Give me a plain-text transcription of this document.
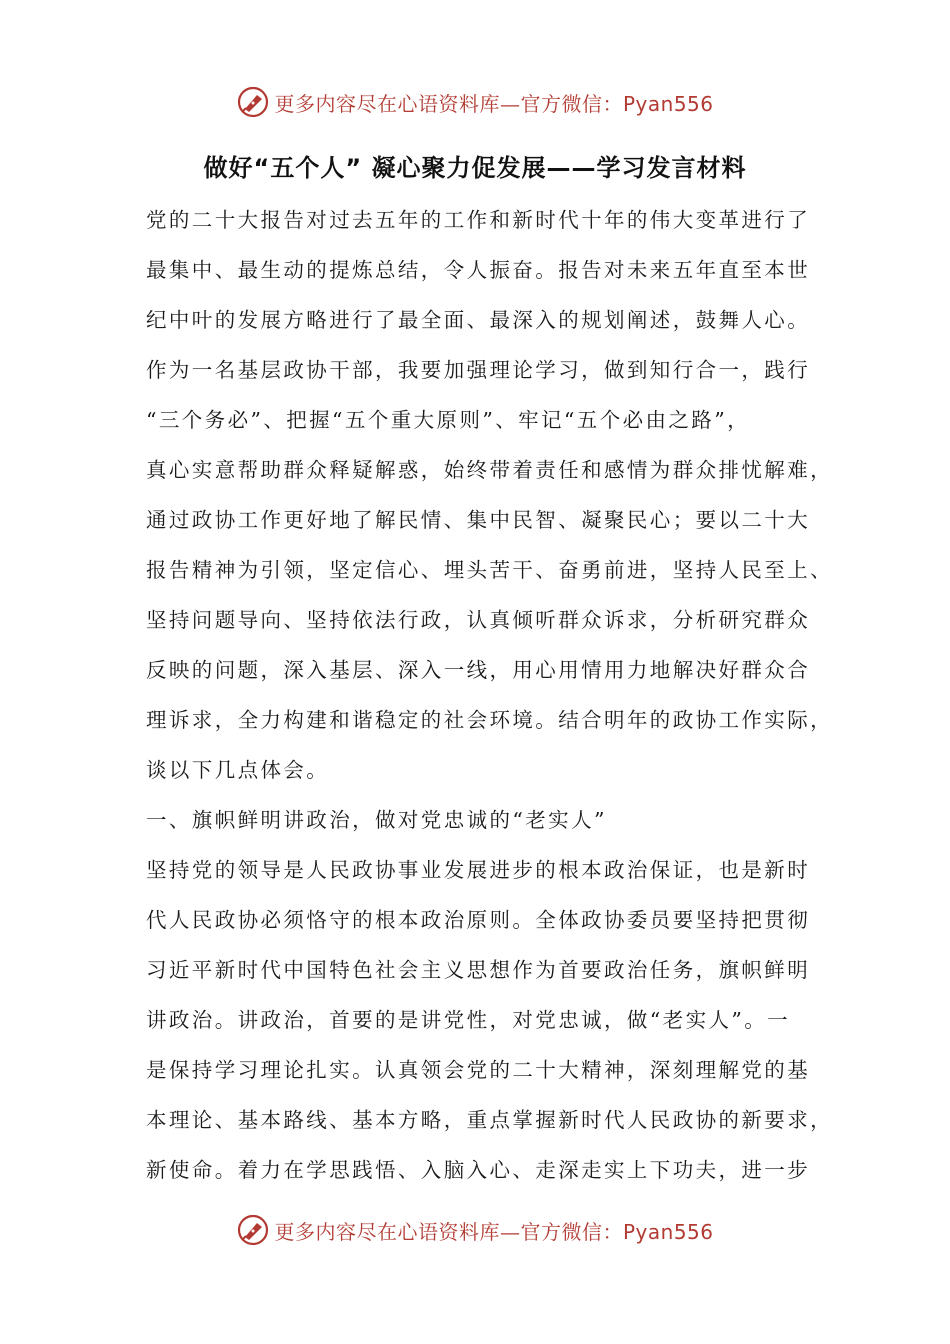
更多内容尽在心语资料库—官方微信：Pyan556
做好“五个人” 凝心聚力促发展——学习发言材料
党的二十大报告对过去五年的工作和新时代十年的伟大变革进行了
最集中、最生动的提炼总结，令人振奋。报告对未来五年直至本世
纪中叶的发展方略进行了最全面、最深入的规划阐述，鼓舞人心。
作为一名基层政协干部，我要加强理论学习，做到知行合一，践行
“三个务必”、把握“五个重大原则”、牢记“五个必由之路”，
真心实意帮助群众释疑解惑，始终带着责任和感情为群众排忧解难，
通过政协工作更好地了解民情、集中民智、凝聚民心；要以二十大
报告精神为引领，坚定信心、埋头苦干、奋勇前进，坚持人民至上、
坚持问题导向、坚持依法行政，认真倾听群众诉求，分析研究群众
反映的问题，深入基层、深入一线，用心用情用力地解决好群众合
理诉求，全力构建和谐稳定的社会环境。结合明年的政协工作实际，
谈以下几点体会。
一、旗帜鲜明讲政治，做对党忠诚的“老实人”
坚持党的领导是人民政协事业发展进步的根本政治保证，也是新时
代人民政协必须恪守的根本政治原则。全体政协委员要坚持把贯彻
习近平新时代中国特色社会主义思想作为首要政治任务，旗帜鲜明
讲政治。讲政治，首要的是讲党性，对党忠诚，做“老实人”。一
是保持学习理论扎实。认真领会党的二十大精神，深刻理解党的基
本理论、基本路线、基本方略，重点掌握新时代人民政协的新要求，
新使命。着力在学思践悟、入脑入心、走深走实上下功夫，进一步
更多内容尽在心语资料库—官方微信：Pyan556
